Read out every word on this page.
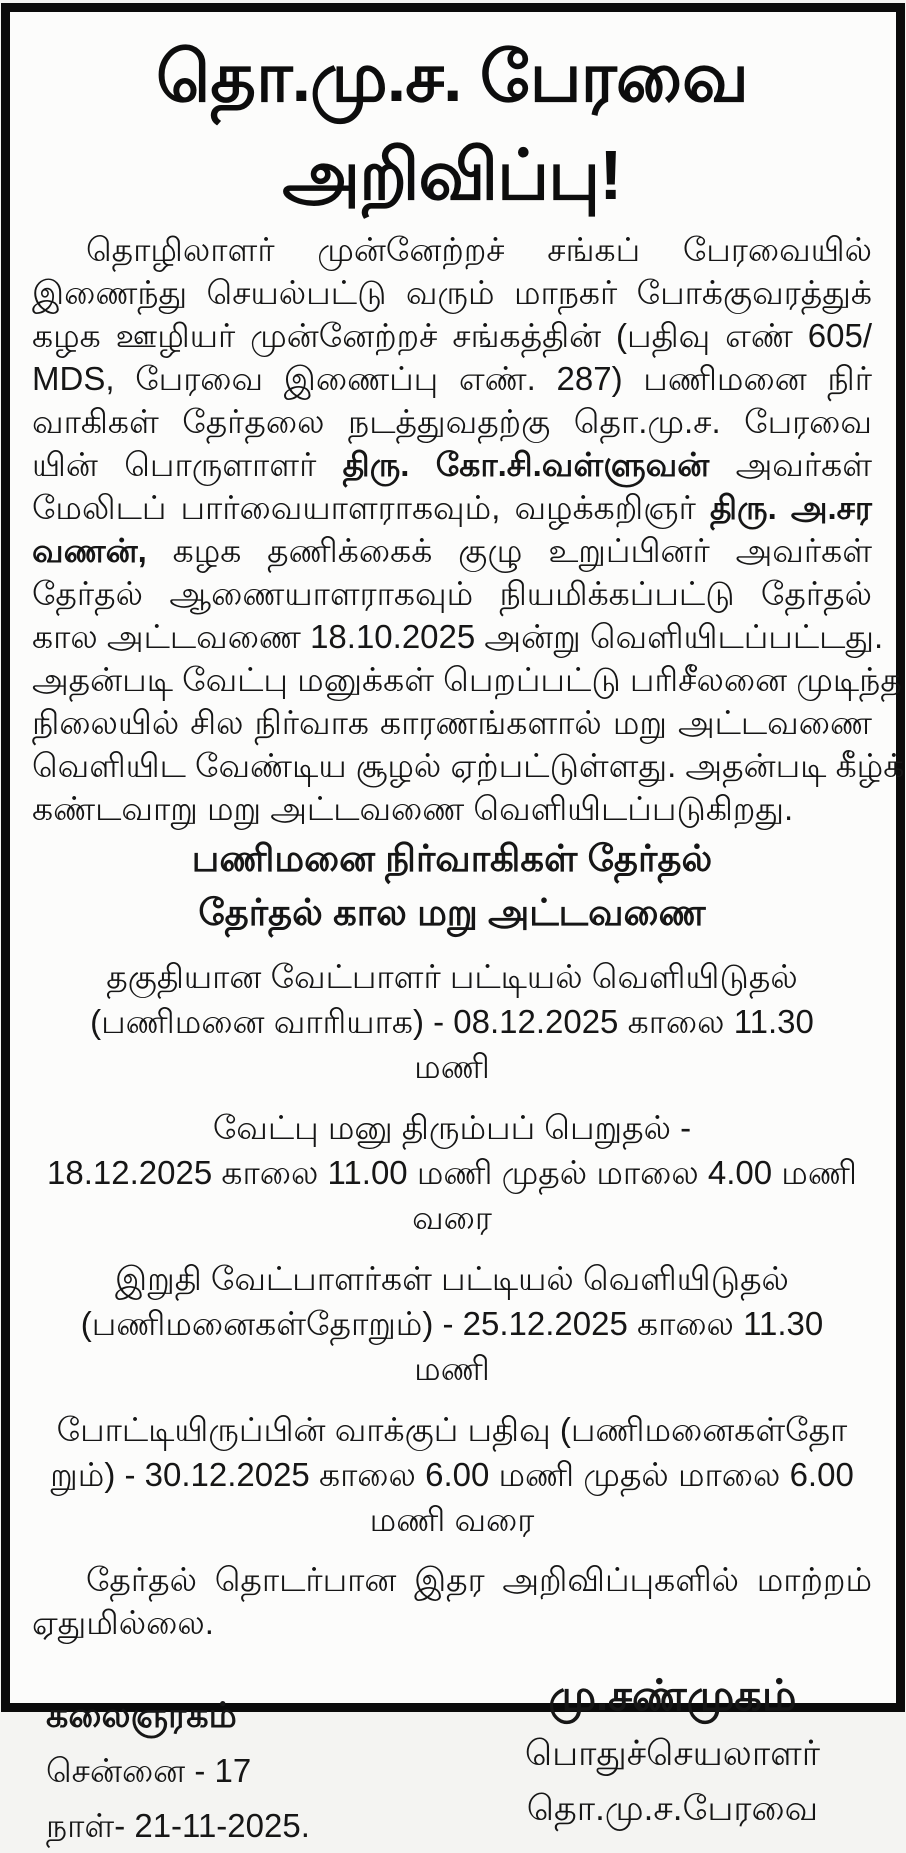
தொ.மு.ச. பேரவை அறிவிப்பு!
தொழிலாளர் முன்னேற்றச் சங்கப் பேரவையில்
இணைந்து செயல்பட்டு வரும் மாநகர் போக்குவரத்துக்
கழக ஊழியர் முன்னேற்றச் சங்கத்தின் (பதிவு எண் 605/
MDS, பேரவை இணைப்பு எண். 287) பணிமனை நிர்
வாகிகள் தேர்தலை நடத்துவதற்கு தொ.மு.ச. பேரவை
யின் பொருளாளர் திரு. கோ.சி.வள்ளுவன் அவர்கள்
மேலிடப் பார்வையாளராகவும், வழக்கறிஞர் திரு. அ.சர
வணன், கழக தணிக்கைக் குழு உறுப்பினர் அவர்கள்
தேர்தல் ஆணையாளராகவும் நியமிக்கப்பட்டு தேர்தல்
கால அட்டவணை 18.10.2025 அன்று வெளியிடப்பட்டது.
அதன்படி வேட்பு மனுக்கள் பெறப்பட்டு பரிசீலனை முடிந்த
நிலையில் சில நிர்வாக காரணங்களால் மறு அட்டவணை
வெளியிட வேண்டிய சூழல் ஏற்பட்டுள்ளது. அதன்படி கீழ்க்
கண்டவாறு மறு அட்டவணை வெளியிடப்படுகிறது.
பணிமனை நிர்வாகிகள் தேர்தல்
தேர்தல் கால மறு அட்டவணை
தகுதியான வேட்பாளர் பட்டியல் வெளியிடுதல்
(பணிமனை வாரியாக) - 08.12.2025 காலை 11.30
மணி
வேட்பு மனு திரும்பப் பெறுதல் -
18.12.2025 காலை 11.00 மணி முதல் மாலை 4.00 மணி
வரை
இறுதி வேட்பாளர்கள் பட்டியல் வெளியிடுதல்
(பணிமனைகள்தோறும்) - 25.12.2025 காலை 11.30
மணி
போட்டியிருப்பின் வாக்குப் பதிவு (பணிமனைகள்தோ
றும்) - 30.12.2025 காலை 6.00 மணி முதல் மாலை 6.00
மணி வரை
தேர்தல் தொடர்பான இதர அறிவிப்புகளில் மாற்றம்
ஏதுமில்லை.
கலைஞரகம்
சென்னை - 17
நாள்- 21-11-2025.
மு.சண்முகம்
பொதுச்செயலாளர்
தொ.மு.ச.பேரவை
